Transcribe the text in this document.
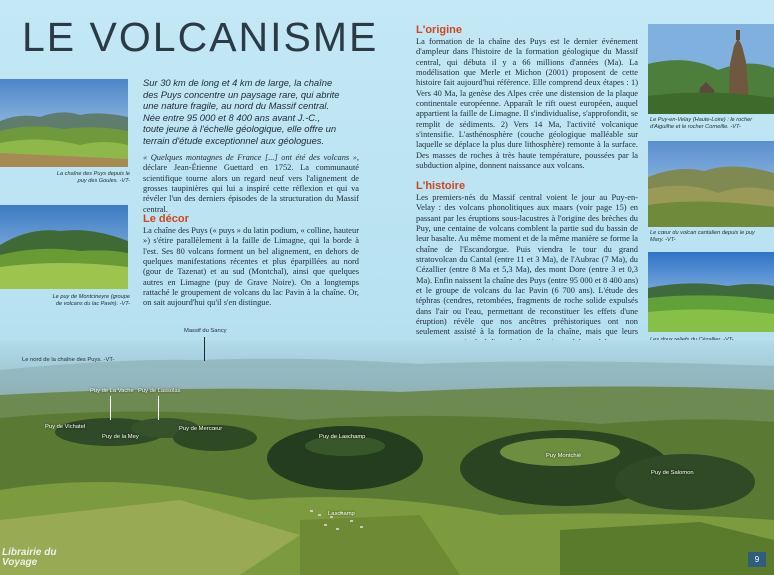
LE VOLCANISME
La chaîne des Puys depuis le puy des Goules. -VT-
Le puy de Montcineyre (groupe de volcans du lac Pavin). -VT-
Sur 30 km de long et 4 km de large, la chaîne des Puys concentre un paysage rare, qui abrite une nature fragile, au nord du Massif central. Née entre 95 000 et 8 400 ans avant J.-C., toute jeune à l'échelle géologique, elle offre un terrain d'étude exceptionnel aux géologues.

« Quelques montagnes de France [...] ont été des volcans », déclare Jean-Étienne Guettard en 1752. La communauté scientifique tourne alors un regard neuf vers l'alignement de grosses taupinières qui lui a inspiré cette réflexion et qui va révéler l'un des derniers épisodes de la structuration du Massif central.

Le décor

La chaîne des Puys (« puys » du latin podium, « colline, hauteur ») s'étire parallèlement à la faille de Limagne, qui la borde à l'est. Ses 80 volcans forment un bel alignement, en dehors de quelques manifestations récentes et plus éparpillées au nord (gour de Tazenat) et au sud (Montchal), ainsi que quelques autres en Limagne (puy de Grave Noire). On a longtemps rattaché le groupement de volcans du lac Pavin à la chaîne. Or, on sait aujourd'hui qu'il s'en distingue.

L'origine

La formation de la chaîne des Puys est le dernier événement d'ampleur dans l'histoire de la formation géologique du Massif central, qui débuta il y a 66 millions d'années (Ma). La modélisation que Merle et Michon (2001) proposent de cette histoire fait aujourd'hui référence. Elle comprend deux étapes : 1) Vers 40 Ma, la genèse des Alpes crée une distension de la plaque continentale européenne. Apparaît le rift ouest européen, auquel appartient la faille de Limagne. Il s'individualise, s'approfondit, se remplit de sédiments. 2) Vers 14 Ma, l'activité volcanique s'intensifie. L'asthénosphère (couche géologique malléable sur laquelle se déplace la plus dure lithosphère) remonte à la surface. Des masses de roches à très haute température, poussées par la subduction alpine, donnent naissance aux volcans.

L'histoire

Les premiers-nés du Massif central voient le jour au Puy-en-Velay : des volcans phonolitiques aux maars (voir page 15) en passant par les éruptions sous-lacustres à l'origine des brèches du Puy, une centaine de volcans comblent la partie sud du bassin de leur basalte. Au même moment et de la même manière se forme la chaîne de l'Escandorgue. Puis viendra le tour du grand stratovolcan du Cantal (entre 11 et 3 Ma), de l'Aubrac (7 Ma), du Cézallier (entre 8 Ma et 5,3 Ma), des mont Dore (entre 3 et 0,3 Ma). Enfin naissent la chaîne des Puys (entre 95 000 et 8 400 ans) et le groupe de volcans du lac Pavin (6 700 ans). L'étude des téphras (cendres, retombées, fragments de roche solide expulsés dans l'air ou l'eau, permettant de reconstituer les effets d'une éruption) révèle que nos ancêtres préhistoriques ont non seulement assisté à la formation de la chaîne, mais que leurs

Le Puy-en-Velay (Haute-Loire) : le rocher d'Aiguilhe et le rocher Corneille. -VT-
Le cœur du volcan cantalien depuis le puy Mary. -VT-
Massif du Sancy
Le nord de la chaîne des Puys. -VT-
Puy de La Vache Puy de Lassolas
Puy de Vichatel
Puy de la Mey
Puy de Mercœur
Puy de Laschamp
Puy Montchié
Puy de Salomon
Laschamp
Librairie du Voyage	9
